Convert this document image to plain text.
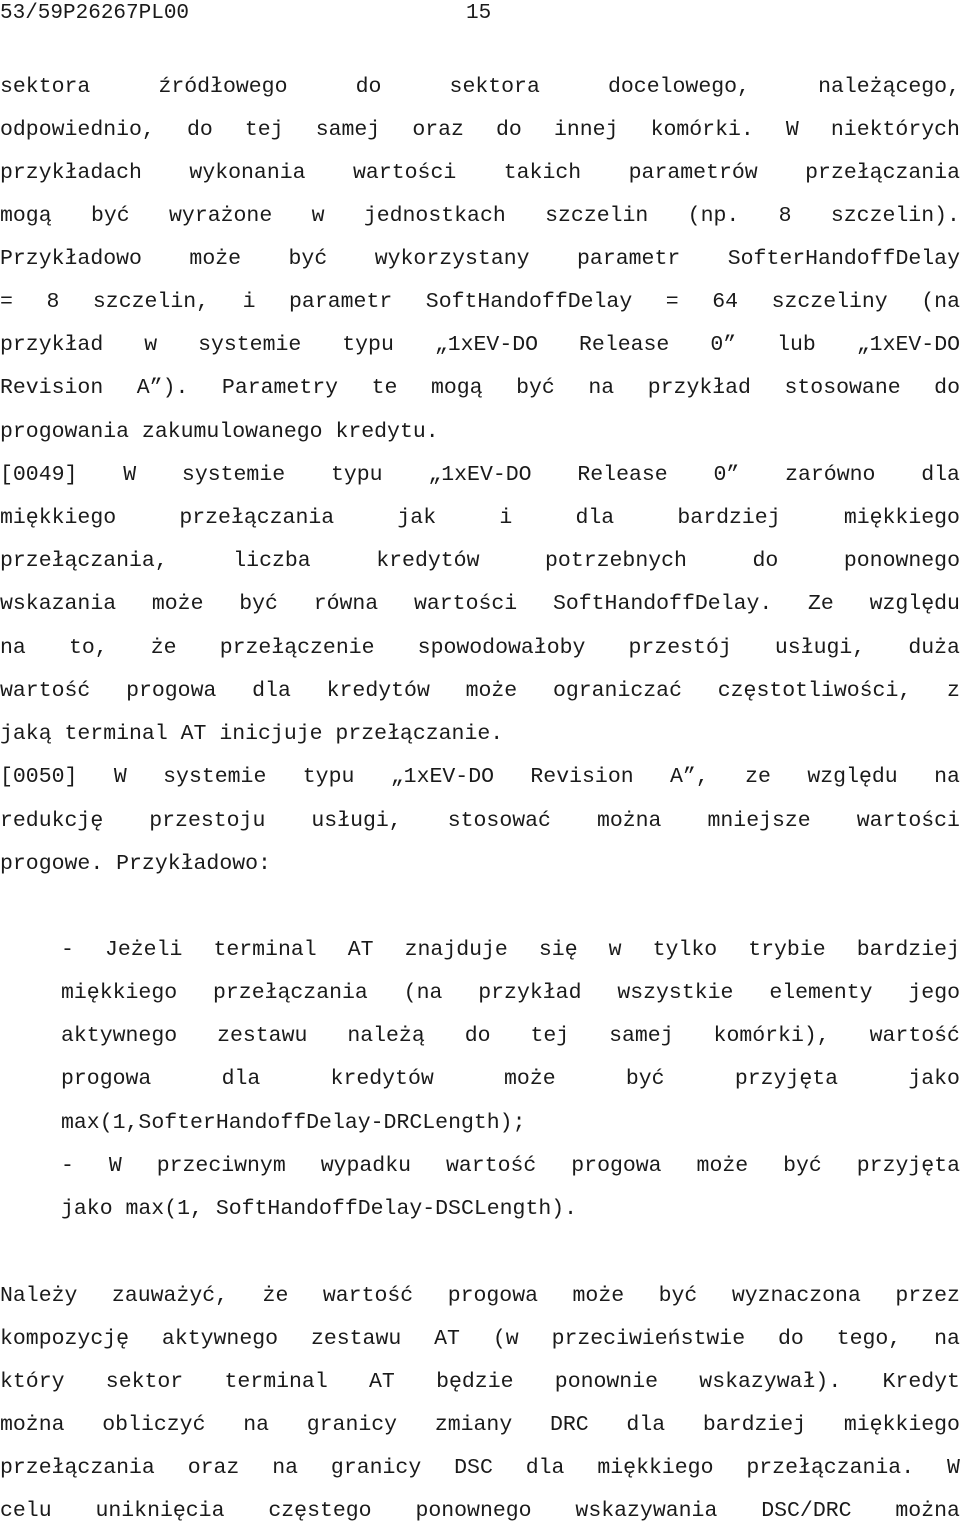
53/59P26267PL00	15
sektora	źródłowego	do	sektora	docelowego,	należącego,
odpowiednio, do tej samej oraz do innej komórki. W niektórych
przykładach wykonania wartości takich parametrów przełączania
mogą być wyrażone w jednostkach szczelin (np. 8 szczelin).
Przykładowo może być wykorzystany parametr SofterHandoffDelay
= 8 szczelin, i parametr SoftHandoffDelay = 64 szczeliny (na
przykład w systemie typu „1xEV-DO Release 0” lub „1xEV-DO
Revision A”). Parametry te mogą być na przykład stosowane do
progowania zakumulowanego kredytu.
[0049] W systemie typu „1xEV-DO Release 0” zarówno dla
miękkiego	przełączania	jak	i	dla	bardziej	miękkiego
przełączania,	liczba	kredytów	potrzebnych	do	ponownego
wskazania może być równa wartości SoftHandoffDelay. Ze względu
na to, że przełączenie spowodowałoby przestój usługi, duża
wartość progowa dla kredytów może ograniczać częstotliwości, z
jaką terminal AT inicjuje przełączanie.
[0050] W systemie typu „1xEV-DO Revision A”, ze względu na
redukcję przestoju usługi, stosować można mniejsze wartości
progowe. Przykładowo:
- Jeżeli terminal AT znajduje się w tylko trybie bardziej
miękkiego przełączania (na przykład wszystkie elementy jego
aktywnego zestawu należą do tej samej komórki), wartość
progowa	dla	kredytów	może	być	przyjęta	jako
max(1,SofterHandoffDelay-DRCLength);
- W przeciwnym wypadku wartość progowa może być przyjęta
jako max(1, SoftHandoffDelay-DSCLength).
Należy zauważyć, że wartość progowa może być wyznaczona przez
kompozycję aktywnego zestawu AT (w przeciwieństwie do tego, na
który sektor terminal AT będzie ponownie wskazywał). Kredyt
można obliczyć na granicy zmiany DRC dla bardziej miękkiego
przełączania oraz na granicy DSC dla miękkiego przełączania. W
celu uniknięcia częstego ponownego wskazywania DSC/DRC można
